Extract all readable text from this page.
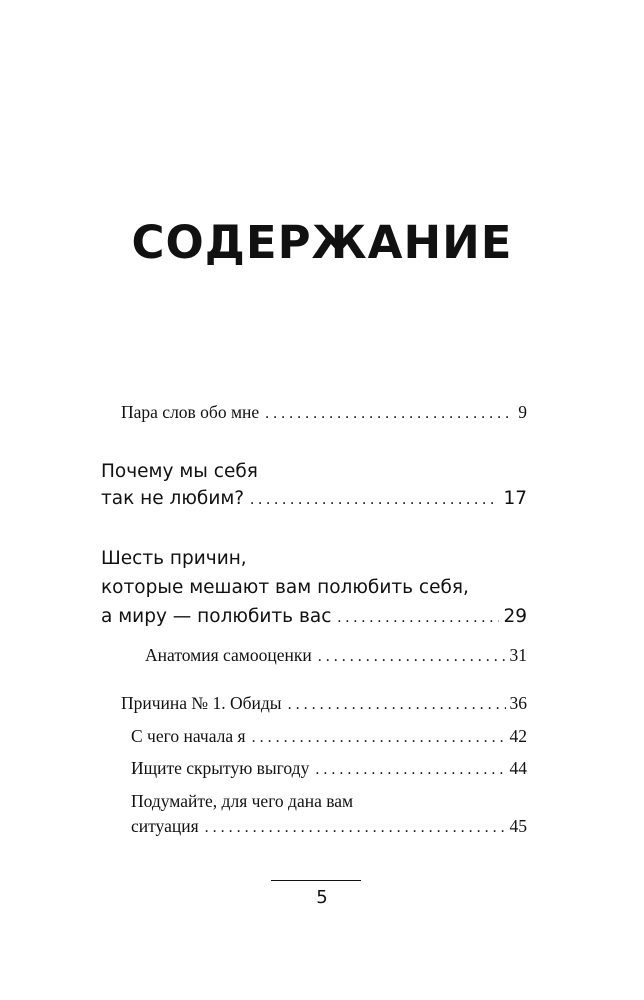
СОДЕРЖАНИЕ
Пара слов обо мне . . .	9
Почему мы себя
так не любим? . . .	17
Шесть причин,
которые мешают вам полюбить себя,
а миру — полюбить вас . . .	29
Анатомия самооценки . . .	31
Причина № 1. Обиды . . .	36
С чего начала я . . .	42
Ищите скрытую выгоду . . .	44
Подумайте, для чего дана вам
ситуация . . .	45
5
